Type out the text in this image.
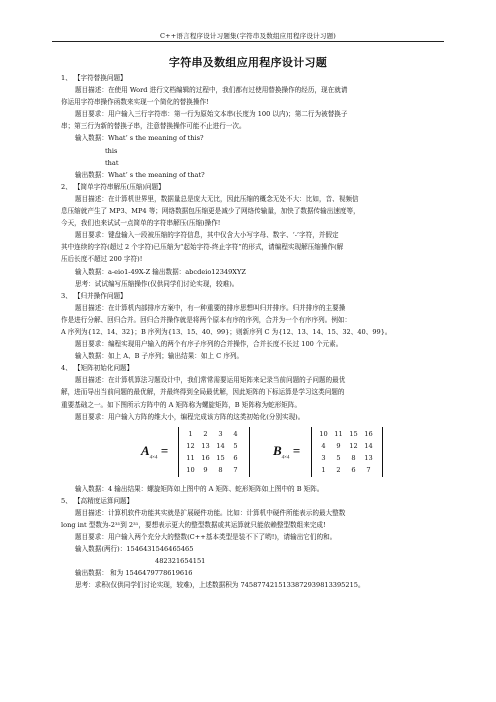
C++语言程序设计习题集(字符串及数组应用程序设计习题)
字符串及数组应用程序设计习题
1、 【字符替换问题】
题目描述：在使用 Word 进行文档编辑的过程中，我们都有过使用替换操作的经历，现在就请
你运用字符串操作函数来实现一个简化的替换操作!
题目要求：用户输入三行字符串：第一行为原始文本串(长度为 100 以内)；第二行为被替换子
串；第三行为新的替换子串，注意替换操作可能不止进行一次。
输入数据：What’ s the meaning of this?
this
that
输出数据：What’ s the meaning of that?
2、 【简单字符串解压(压缩)问题】
题目描述：在计算机世界里，数据量总是庞大无比，因此压缩的概念无处不大：比如，音、视频信
息压缩就产生了 MP3、MP4 等；网络数据包压缩更是减少了网络传输量，加快了数据传输出速度等，
今天，我们也来试试一点简单的字符串解压(压缩)操作!
题目要求：键盘输入一段被压缩的字符信息，其中仅含大小写字母、数字、‘-’字符，并假定
其中连续的字符(超过 2 个字符)已压缩为“起始字符-终止字符”的形式，请编程实现解压缩操作(解
压后长度不超过 200 字符)!
输入数据：a-eio1-49X-Z 输出数据：abcdeio12349XYZ
思考：试试编写压缩操作(仅供同学们讨论实现，较难)。
3、 【归并操作问题】
题目描述：在计算机内部排序方案中，有一种重要的排序思想叫归并排序。归并排序的主要操
作是进行分解、回归合并。回归合并操作就是将两个原本有序的序列，合并为一个有序序列。例如：
A 序列为{12、14、32}；B 序列为{13、15、40、99}；则新序列 C 为{12、13、14、15、32、40、99}。
题目要求：编程实现用户输入的两个有序子序列的合并操作，合并长度不长过 100 个元素。
输入数据：如上 A、B 子序列；输出结果：如上 C 序列。
4、 【矩阵初始化问题】
题目描述：在计算机算法习题设计中，我们常常需要运用矩阵来记录当前问题的子问题的最优
解，进而导出当前问题的最优解，并最终得到全局最优解，因此矩阵的下标运算是学习这类问题的
重要基础之一。如下图所示方阵中的 A 矩阵称为螺旋矩阵，B 矩阵称为蛇形矩阵。
题目要求：用户输入方阵的维大小，编程完成该方阵的这类初始化(分别实现)。
$A_{4\times 4}$ =
1	2	3	4
12	13	14	5
11	16	15	6
10	9	8	7
$B_{4\times 4}$ =
10	11	15	16
4	9	12	14
3	5	8	13
1	2	6	7
输入数据：4 输出结果：螺旋矩阵如上图中的 A 矩阵、蛇形矩阵如上图中的 B 矩阵。
5、 【高精度运算问题】
题目描述：计算机软件功能其实就是扩展硬件功能。比如：计算机中硬件所能表示的最大整数
long int 型数为-2³¹到 2³¹，要想表示更大的整型数据或其运算就只能依赖整型数组来完成!
题目要求：用户输入两个充分大的整数(C++基本类型是装不下了哟!)，请输出它们的和。
输入数据(两行)：1546431546465465
482321654151
输出数据： 和为 1546479778619616
思考：求积(仅供同学们讨论实现，较难)，上述数据积为 745877421513387293981339521​5。
